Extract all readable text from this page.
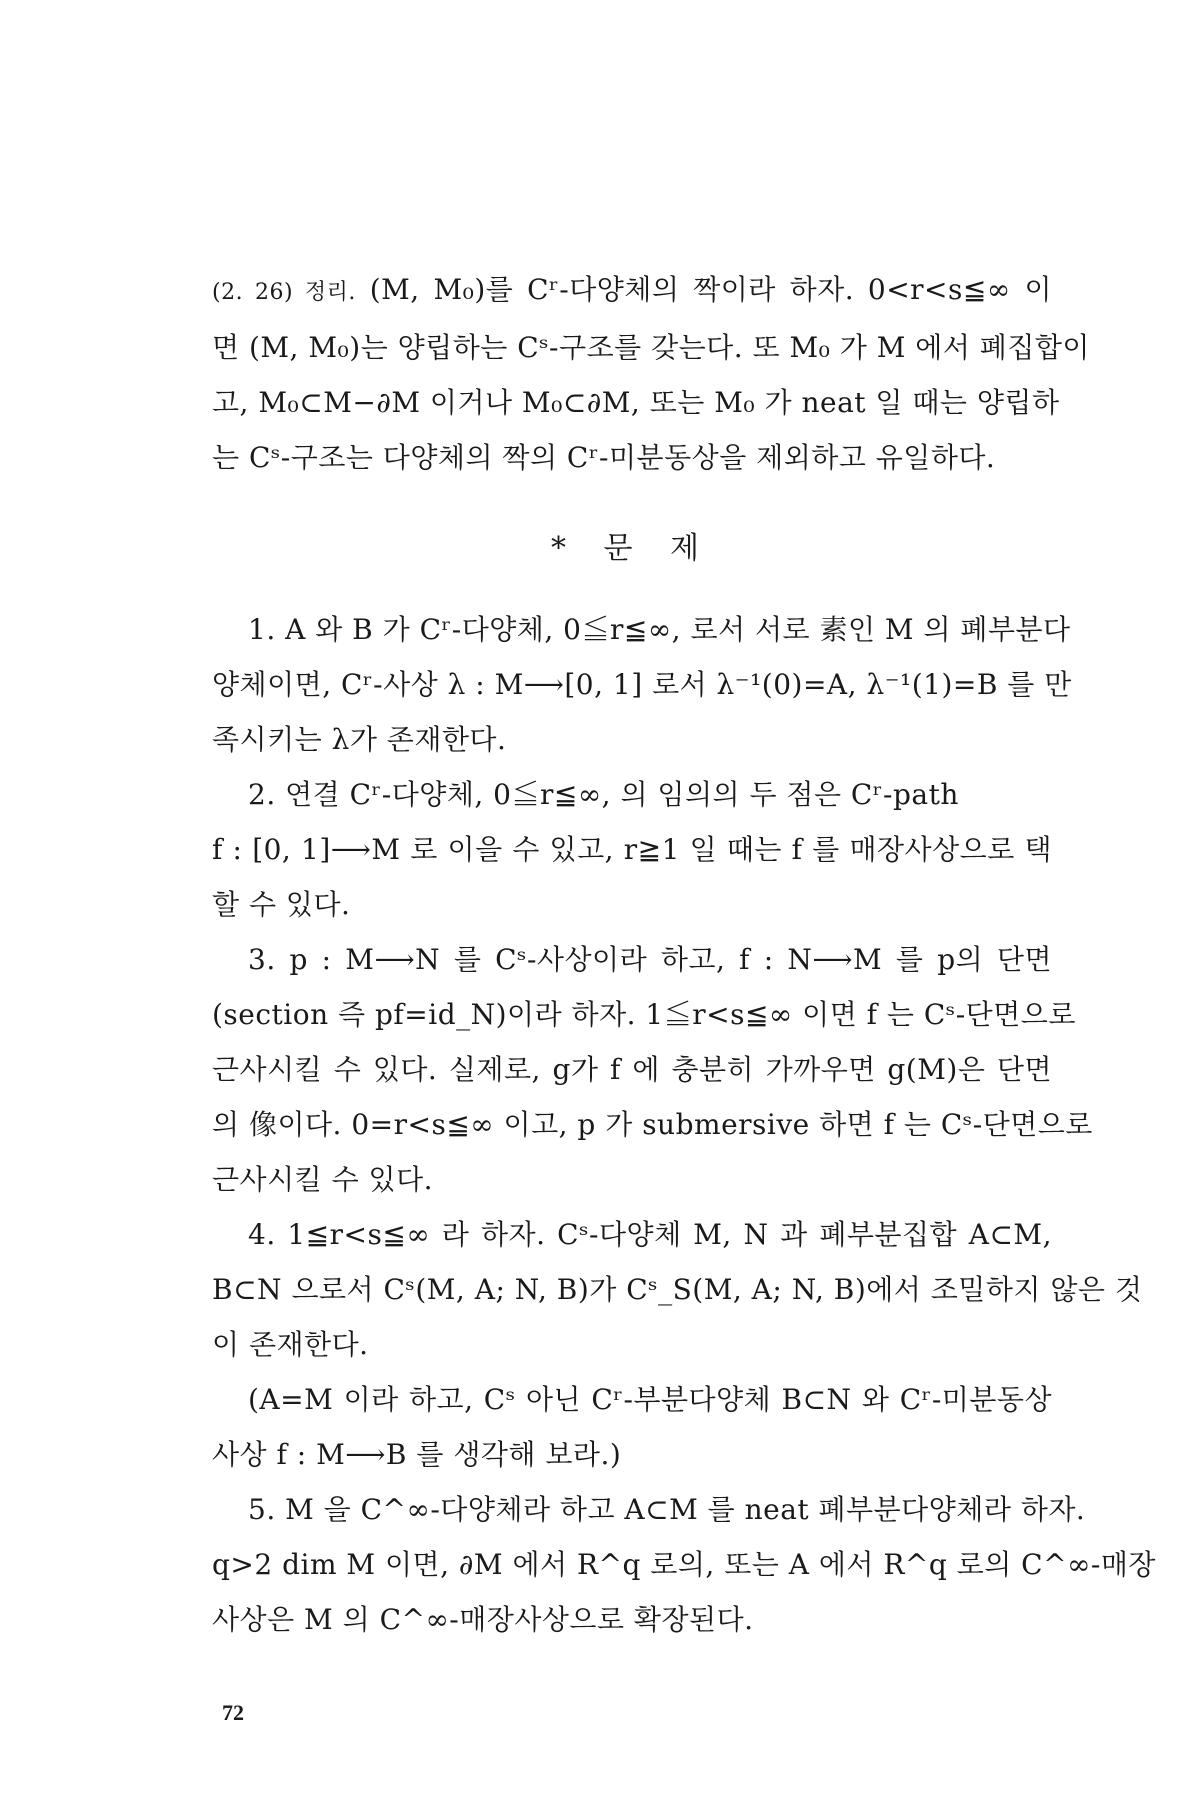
(2. 26) 정리. (M, M₀)를 Cʳ-다양체의 짝이라 하자. 0<r<s≦∞ 이
면 (M, M₀)는 양립하는 Cˢ-구조를 갖는다. 또 M₀ 가 M 에서 폐집합이
고, M₀⊂M−∂M 이거나 M₀⊂∂M, 또는 M₀ 가 neat 일 때는 양립하
는 Cˢ-구조는 다양체의 짝의 Cʳ-미분동상을 제외하고 유일하다.
* 문 제
1. A 와 B 가 Cʳ-다양체, 0≦r≦∞, 로서 서로 素인 M 의 폐부분다
양체이면, Cʳ-사상 λ : M⟶[0, 1] 로서 λ⁻¹(0)=A, λ⁻¹(1)=B 를 만
족시키는 λ가 존재한다.
2. 연결 Cʳ-다양체, 0≦r≦∞, 의 임의의 두 점은 Cʳ-path
f : [0, 1]⟶M 로 이을 수 있고, r≧1 일 때는 f 를 매장사상으로 택
할 수 있다.
3. p : M⟶N 를 Cˢ-사상이라 하고, f : N⟶M 를 p의 단면
(section 즉 pf=id_N)이라 하자. 1≦r<s≦∞ 이면 f 는 Cˢ-단면으로
근사시킬 수 있다. 실제로, g가 f 에 충분히 가까우면 g(M)은 단면
의 像이다. 0=r<s≦∞ 이고, p 가 submersive 하면 f 는 Cˢ-단면으로
근사시킬 수 있다.
4. 1≦r<s≦∞ 라 하자. Cˢ-다양체 M, N 과 폐부분집합 A⊂M,
B⊂N 으로서 Cˢ(M, A; N, B)가 Cˢ_S(M, A; N, B)에서 조밀하지 않은 것
이 존재한다.
(A=M 이라 하고, Cˢ 아닌 Cʳ-부분다양체 B⊂N 와 Cʳ-미분동상
사상 f : M⟶B 를 생각해 보라.)
5. M 을 C^∞-다양체라 하고 A⊂M 를 neat 폐부분다양체라 하자.
q>2 dim M 이면, ∂M 에서 R^q 로의, 또는 A 에서 R^q 로의 C^∞-매장
사상은 M 의 C^∞-매장사상으로 확장된다.
72
